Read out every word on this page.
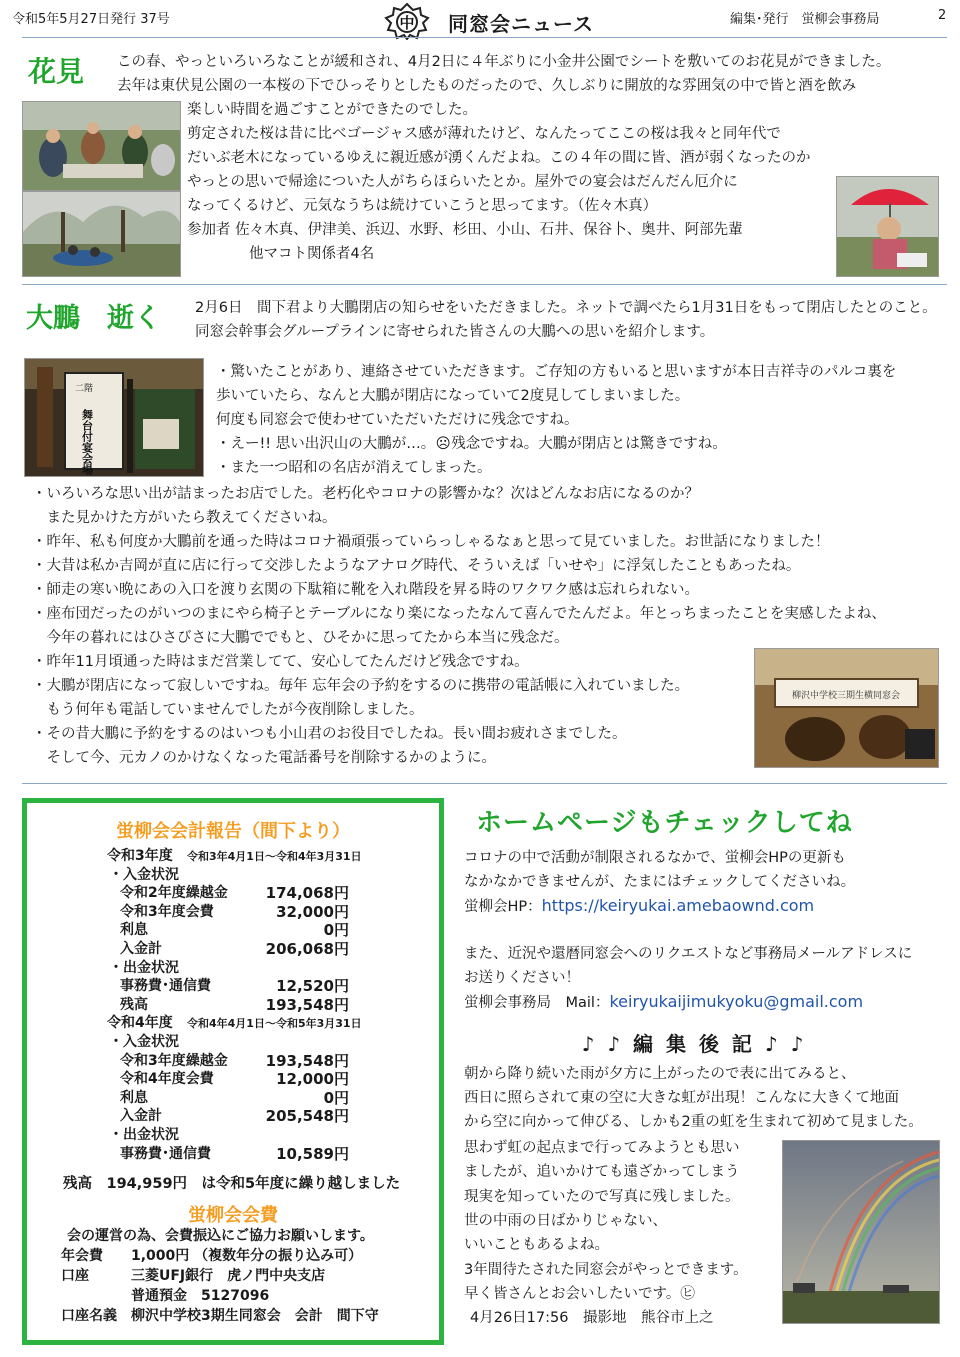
令和5年5月27日発行 37号	中 同窓会ニュース	編集･発行　蛍柳会事務局	2
花見 この春、やっといろいろなことが緩和され、4月2日に４年ぶりに小金井公園でシートを敷いてのお花見ができました。
去年は東伏見公園の一本桜の下でひっそりとしたものだったので、久しぶりに開放的な雰囲気の中で皆と酒を飲み
楽しい時間を過ごすことができたのでした。
剪定された桜は昔に比べゴージャス感が薄れたけど、なんたってここの桜は我々と同年代で
だいぶ老木になっているゆえに親近感が湧くんだよね。この４年の間に皆、酒が弱くなったのか
やっとの思いで帰途についた人がちらほらいたとか。屋外での宴会はだんだん厄介に
なってくるけど、元気なうちは続けていこうと思ってます。（佐々木真）
参加者 佐々木真、伊津美、浜辺、水野、杉田、小山、石井、保谷卜、奥井、阿部先輩
他マコト関係者4名
大鵬　逝く 2月6日　間下君より大鵬閉店の知らせをいただきました。ネットで調べたら1月31日をもって閉店したとのこと。
同窓会幹事会グループラインに寄せられた皆さんの大鵬への思いを紹介します。
二階
舞台付宴会場
・驚いたことがあり、連絡させていただきます。ご存知の方もいると思いますが本日吉祥寺のパルコ裏を
歩いていたら、なんと大鵬が閉店になっていて2度見してしまいました。
何度も同窓会で使わせていただいただけに残念ですね。
・えー!! 思い出沢山の大鵬が…。☹残念ですね。大鵬が閉店とは驚きですね。
・また一つ昭和の名店が消えてしまった。
・いろいろな思い出が詰まったお店でした。老朽化やコロナの影響かな？次はどんなお店になるのか？
　また見かけた方がいたら教えてくださいね。
・昨年、私も何度か大鵬前を通った時はコロナ禍頑張っていらっしゃるなぁと思って見ていました。お世話になりました！
・大昔は私か吉岡が直に店に行って交渉したようなアナログ時代、そういえば「いせや」に浮気したこともあったね。
・師走の寒い晩にあの入口を渡り玄関の下駄箱に靴を入れ階段を昇る時のワクワク感は忘れられない。
・座布団だったのがいつのまにやら椅子とテーブルになり楽になったなんて喜んでたんだよ。年とっちまったことを実感したよね、
　今年の暮れにはひさびさに大鵬ででもと、ひそかに思ってたから本当に残念だ。
・昨年11月頃通った時はまだ営業してて、安心してたんだけど残念ですね。
・大鵬が閉店になって寂しいですね。毎年 忘年会の予約をするのに携帯の電話帳に入れていました。
　もう何年も電話していませんでしたが今夜削除しました。
・その昔大鵬に予約をするのはいつも小山君のお役目でしたね。長い間お疲れさまでした。
　そして今、元カノのかけなくなった電話番号を削除するかのように。
柳沢中学校三期生横同窓会
蛍柳会会計報告（間下より）
令和3年度 令和3年4月1日～令和4年3月31日
・入金状況
令和2年度繰越金	174,068円
令和3年度会費	32,000円
利息	0円
入金計	206,068円
・出金状況
事務費･通信費	12,520円
残高	193,548円
令和4年度 令和4年4月1日～令和5年3月31日
・入金状況
令和3年度繰越金	193,548円
令和4年度会費	12,000円
利息	0円
入金計	205,548円
・出金状況
事務費･通信費	10,589円
残高　194,959円　は令和5年度に繰り越しました
蛍柳会会費
会の運営の為、会費振込にご協力お願いします。
年会費　　1,000円 （複数年分の振り込み可）
口座　　　三菱UFJ銀行　虎ノ門中央支店
　　　　　普通預金　5127096
口座名義　柳沢中学校3期生同窓会　会計　間下守
ホームページもチェックしてね
コロナの中で活動が制限されるなかで、蛍柳会HPの更新も
なかなかできませんが、たまにはチェックしてくださいね。
蛍柳会HP：https://keiryukai.amebaownd.com
また、近況や還暦同窓会へのリクエストなど事務局メールアドレスに
お送りください！
蛍柳会事務局　Mail：keiryukaijimukyoku@gmail.com
♪ ♪ 編 集 後 記 ♪ ♪
朝から降り続いた雨が夕方に上がったので表に出てみると、
西日に照らされて東の空に大きな虹が出現！こんなに大きくて地面
から空に向かって伸びる、しかも2重の虹を生まれて初めて見ました。
思わず虹の起点まで行ってみようとも思い
ましたが、追いかけても遠ざかってしまう
現実を知っていたので写真に残しました。
世の中雨の日ばかりじゃない、
いいこともあるよね。
3年間待たされた同窓会がやっとできます。
早く皆さんとお会いしたいです。㋪
4月26日17:56　撮影地　熊谷市上之
